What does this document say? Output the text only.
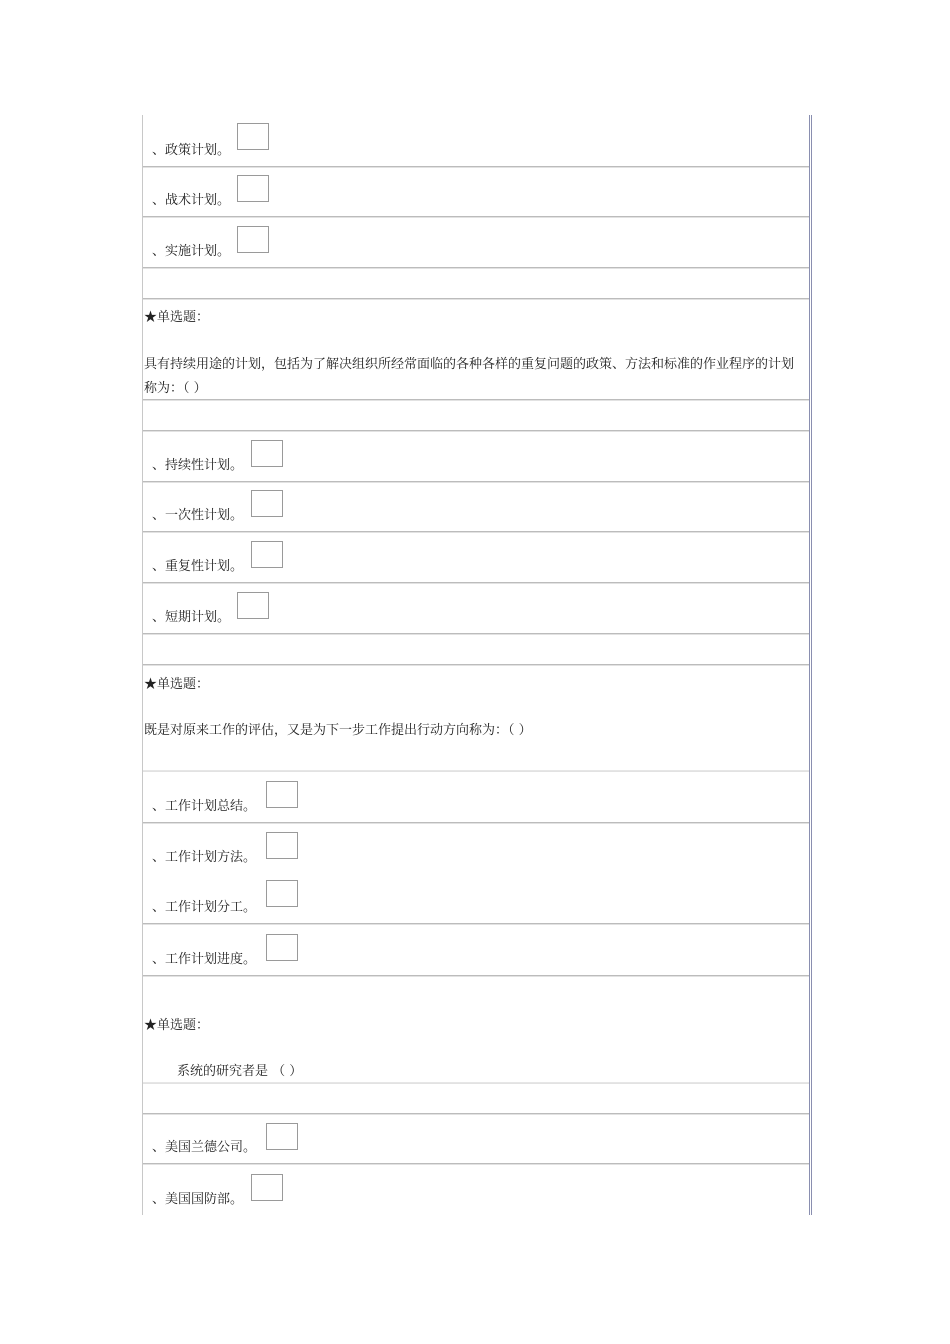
、政策计划。
、战术计划。
、实施计划。
★单选题：
具有持续用途的计划，包括为了解决组织所经常面临的各种各样的重复问题的政策、方法和标准的作业程序的计划称为：（ ）
、持续性计划。
、一次性计划。
、重复性计划。
、短期计划。
★单选题：
既是对原来工作的评估，又是为下一步工作提出行动方向称为：（ ）
、工作计划总结。
、工作计划方法。
、工作计划分工。
、工作计划进度。
★单选题：
系统的研究者是 （ ）
、美国兰德公司。
、美国国防部。
